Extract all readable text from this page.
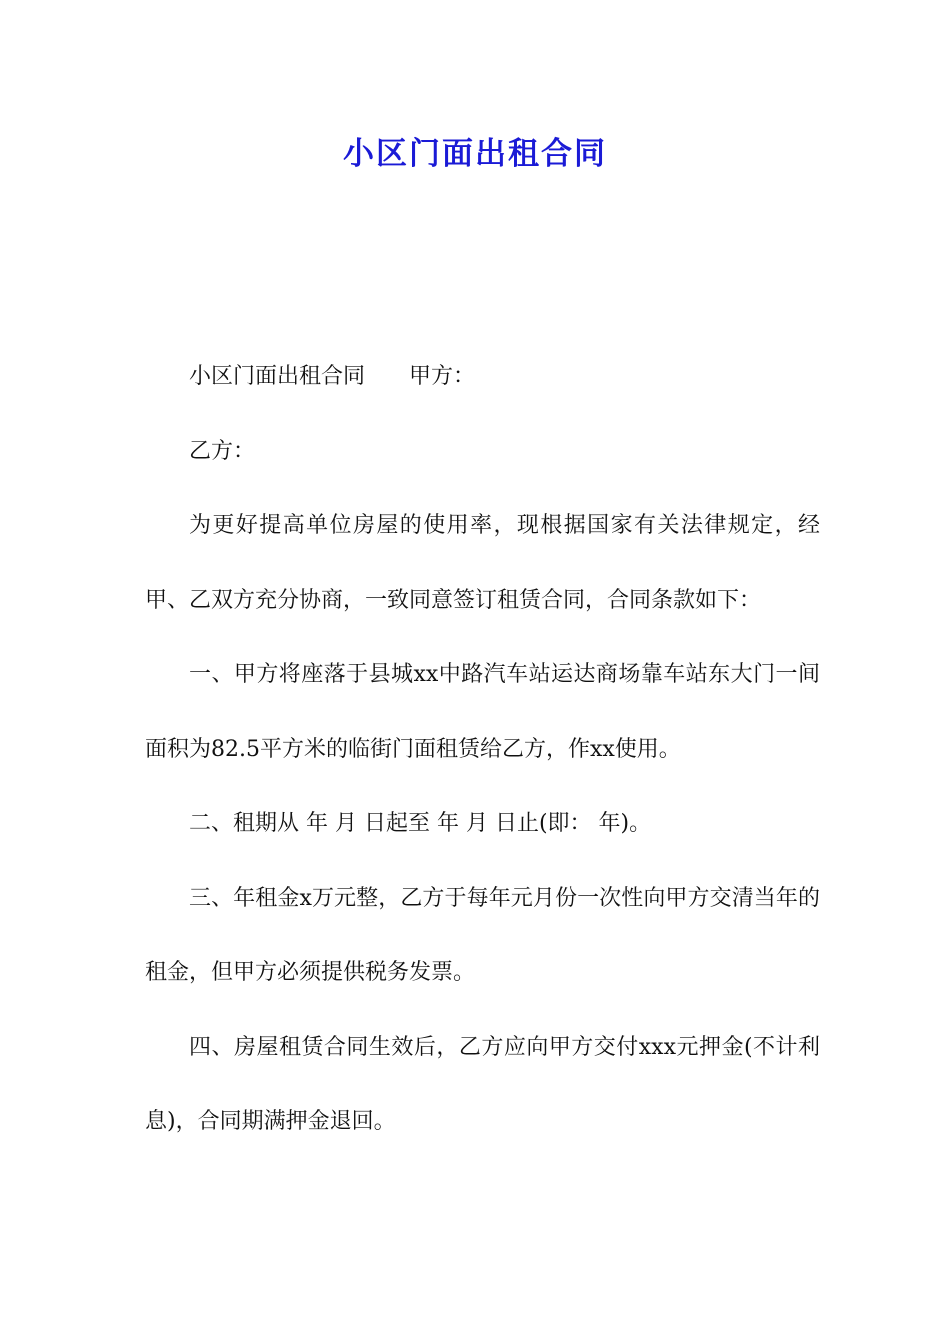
小区门面出租合同

小区门面出租合同　　甲方：

乙方：

为更好提高单位房屋的使用率，现根据国家有关法律规定，经甲、乙双方充分协商，一致同意签订租赁合同，合同条款如下：

一、甲方将座落于县城xx中路汽车站运达商场靠车站东大门一间面积为82.5平方米的临街门面租赁给乙方，作xx使用。

二、租期从 年 月 日起至 年 月 日止(即： 年)。

三、年租金x万元整，乙方于每年元月份一次性向甲方交清当年的租金，但甲方必须提供税务发票。

四、房屋租赁合同生效后，乙方应向甲方交付xxx元押金(不计利息)，合同期满押金退回。
